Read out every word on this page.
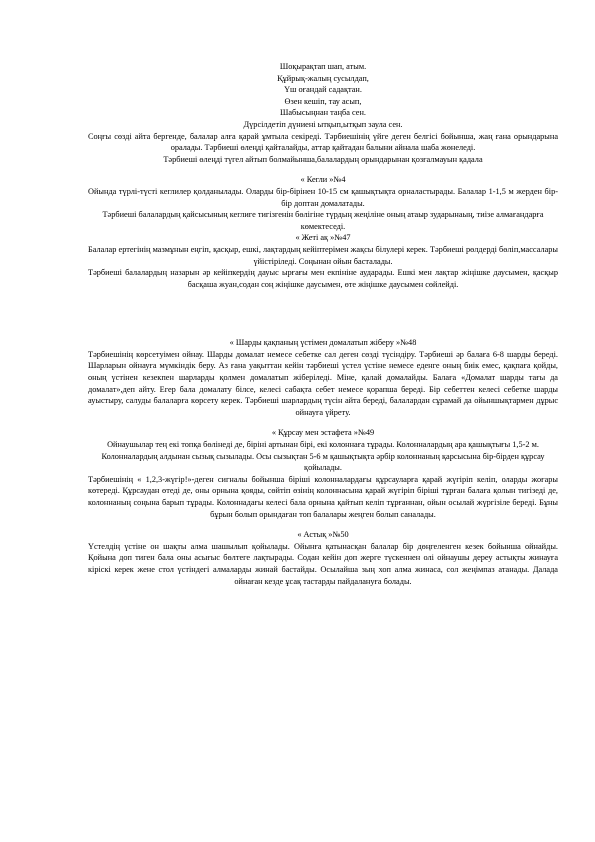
Шоқырақтап шап, атым.
Құйрық-жалың сусылдап,
Үш оғандай садақтан.
Өзен кешіп, тау асып,
Шабысыңнан таңба сен.
Дүрсілдетіп дүниені ытқып,ытқып заула сен.
Соңғы сөзді айта бергенде, балалар алға қарай ұмтыла секіреді. Тәрбиешінің үйге деген белгісі бойынша, жаң ғана орындарына оралады. Тәрбиеші өлеңді қайталайды, аттар қайтадан балыни айнала шаба жөнеледі.
Тәрбиеші өлеңді түгел айтып болмайынша,балалардың орындарынан қозғалмауын қадала
« Кегли »№4
Ойында түрлі-түсті кеглилер қолданылады. Оларды бір-бірінен 10-15 см қашықтықта орналастырады. Балалар 1-1,5 м жерден бір-бір доптан домалатады.
Тәрбиеші балалардың қайсысының кеглиге тигізгенін бөлігіне түрдың жеңіліне оның атаыр зударынаың, тиізе алмағандарға көмектеседі.
« Жеті ақ »№47
Балалар ертегінің мазмұнын еңгіп, қасқыр, ешкі, лақтардың кейіптерімен жақсы білулері керек. Тәрбиеші рөлдерді бөліп,массалары үйістіріледі. Соңынан ойын басталады.
Тәрбиеші балалардың назарын әр кейіпкердің дауыс ырғағы мен екпініне аударады. Ешкі мен лақтар жіңішке даусымен, қасқыр басқаша жуан,содан соң жіңішке даусымен, өте жіңішке даусымен сөйлейді.
« Шарды қақпаның үстімен домалатып жіберу »№48
Тәрбиешінің көрсетуімен ойнау. Шарды домалат немесе себетке сал деген сөзді түсіндіру. Тәрбиеші әр балаға 6-8 шарды береді. Шарларын ойнауға мүмкіндік беру. Аз ғана уақыттан кейін тәрбиеші үстел үстіне немесе еденге оның биік емес, қақпаға қойды, оның үстінен кезекпен шарларды қолмен домалатып жіберіледі. Міне, қалай домалайды. Балаға «Домалат шарды тағы да домалат»,деп айту. Егер бала домалату білсе, келесі сабақта себет немесе қорапша береді. Бір себеттен келесі себетке шарды ауыстыру, салуды балаларға көрсету керек. Тәрбиеші шарлардың түсін айта береді, балалардан сұрамай да ойыншықтармен дұрыс ойнауға үйрету.
« Құрсау мен эстафета »№49
Ойнаушылар тең екі топқа бөлінеді де, біріні артынан бірі, екі колоннаға тұрады. Колонналардың ара қашықтығы 1,5-2 м.
Колонналардың алдынан сызық сызылады. Осы сызықтан 5-6 м қашықтықта әрбір колоннаның қарсысына бір-бірден құрсау қойылады.
Тәрбиешінің « 1,2,3-жүгір!»-деген сигналы бойынша біріші колонналардағы құрсауларға қарай жүгіріп келіп, оларды жоғары көтереді. Құрсаудан өтеді де, оны орнына қояды, сөйтіп өзінің колоннасына қарай жүгіріп біріші тұрған балаға қолын тигізеді де, колоннаның соңына барып тұрады. Колоннадағы келесі бала орнына қайтып келіп тұрғаннан, ойын осылай жүргізіле береді. Бұны бұрын болып орындаған топ балалары жеңген болып саналады.
« Астық »№50
Үстелдің үстіне он шақты алма шашылып қойылады. Ойынға қатынасқан балалар бір дөңгеленген кезек бойынша ойнайды. Қойына доп тиген бала оны асығыс бөлтеге лақтырады. Содан кейін доп жерге түскеннен олі ойнаушы дереу астықты жинауға кіріскі керек жене стол үстіндегі алмаларды жинай бастайды. Осылайша зың хоп алма жинаса, сол жеңімпаз атанады. Далада ойнаған кезде ұсақ тастарды пайдалануға болады.
